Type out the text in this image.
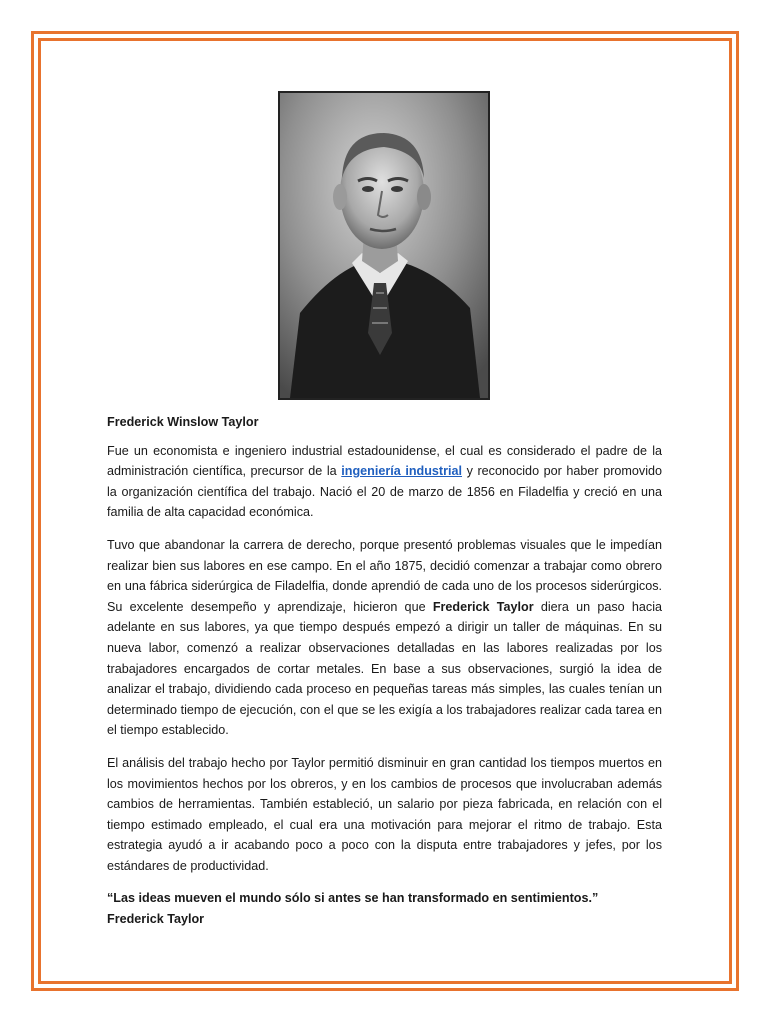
Frederick Winslow Taylor

Fue un economista e ingeniero industrial estadounidense, el cual es considerado el padre de la administración científica, precursor de la ingeniería industrial y reconocido por haber promovido la organización científica del trabajo. Nació el 20 de marzo de 1856 en Filadelfia y creció en una familia de alta capacidad económica.

Tuvo que abandonar la carrera de derecho, porque presentó problemas visuales que le impedían realizar bien sus labores en ese campo. En el año 1875, decidió comenzar a trabajar como obrero en una fábrica siderúrgica de Filadelfia, donde aprendió de cada uno de los procesos siderúrgicos. Su excelente desempeño y aprendizaje, hicieron que Frederick Taylor diera un paso hacia adelante en sus labores, ya que tiempo después empezó a dirigir un taller de máquinas. En su nueva labor, comenzó a realizar observaciones detalladas en las labores realizadas por los trabajadores encargados de cortar metales. En base a sus observaciones, surgió la idea de analizar el trabajo, dividiendo cada proceso en pequeñas tareas más simples, las cuales tenían un determinado tiempo de ejecución, con el que se les exigía a los trabajadores realizar cada tarea en el tiempo establecido.

El análisis del trabajo hecho por Taylor permitió disminuir en gran cantidad los tiempos muertos en los movimientos hechos por los obreros, y en los cambios de procesos que involucraban además cambios de herramientas. También estableció, un salario por pieza fabricada, en relación con el tiempo estimado empleado, el cual era una motivación para mejorar el ritmo de trabajo. Esta estrategia ayudó a ir acabando poco a poco con la disputa entre trabajadores y jefes, por los estándares de productividad.

“Las ideas mueven el mundo sólo si antes se han transformado en sentimientos.”

Frederick Taylor
